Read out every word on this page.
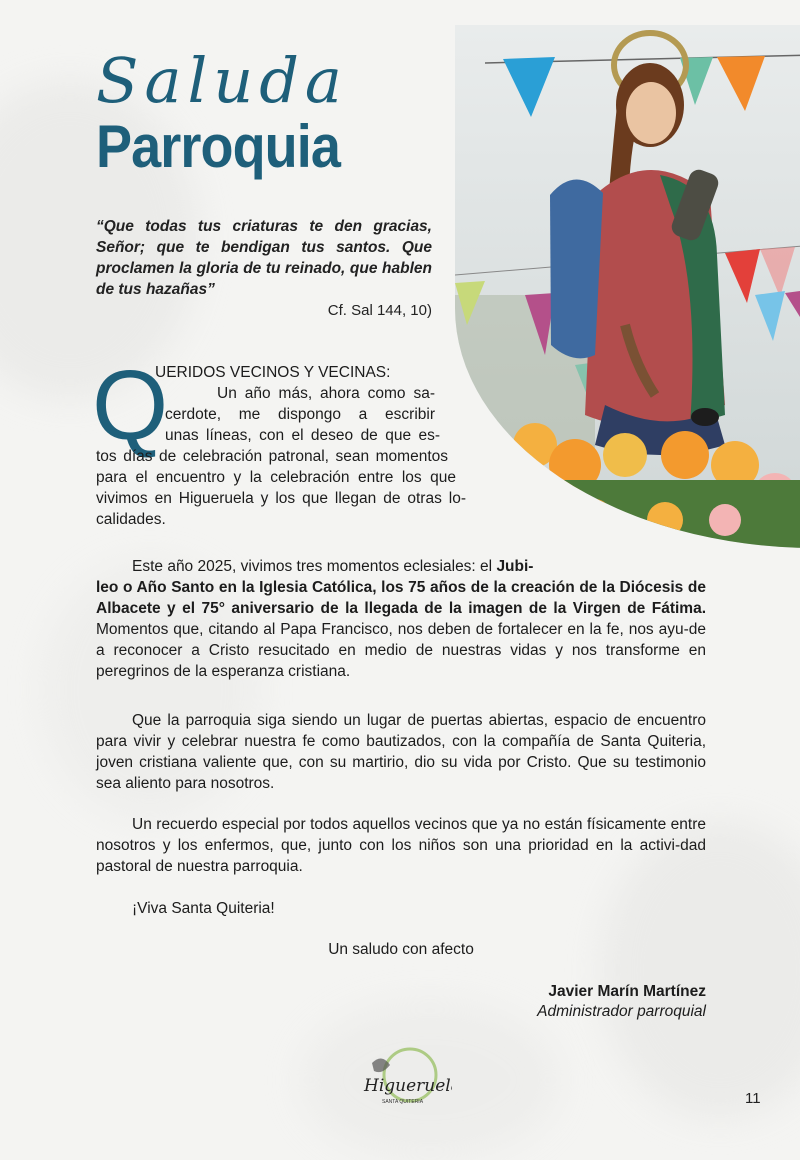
Saluda
Parroquia

“Que todas tus criaturas te den gracias, Señor; que te bendigan tus santos. Que proclamen la gloria de tu reinado, que hablen de tus hazañas”

Cf. Sal 144, 10)

Q

UERIDOS VECINOS Y VECINAS:

Un año más, ahora como sa-

cerdote, me dispongo a escribir

unas líneas, con el deseo de que es-

tos días de celebración patronal, sean momentos

para el encuentro y la celebración entre los que

vivimos en Higueruela y los que llegan de otras lo-

calidades.

Este año 2025, vivimos tres momentos eclesiales: el Jubi-

leo o Año Santo en la Iglesia Católica, los 75 años de la creación de la Diócesis de Albacete y el 75° aniversario de la llegada de la imagen de la Virgen de Fátima. Momentos que, citando al Papa Francisco, nos deben de fortalecer en la fe, nos ayu-de a reconocer a Cristo resucitado en medio de nuestras vidas y nos transforme en peregrinos de la esperanza cristiana.

Que la parroquia siga siendo un lugar de puertas abiertas, espacio de encuentro para vivir y celebrar nuestra fe como bautizados, con la compañía de Santa Quiteria, joven cristiana valiente que, con su martirio, dio su vida por Cristo. Que su testimonio sea aliento para nosotros.

Un recuerdo especial por todos aquellos vecinos que ya no están físicamente entre nosotros y los enfermos, que, junto con los niños son una prioridad en la activi-dad pastoral de nuestra parroquia.

¡Viva Santa Quiteria!

Un saludo con afecto

Javier Marín Martínez

Administrador parroquial

Higueruela
SANTA QUITERIA	11
